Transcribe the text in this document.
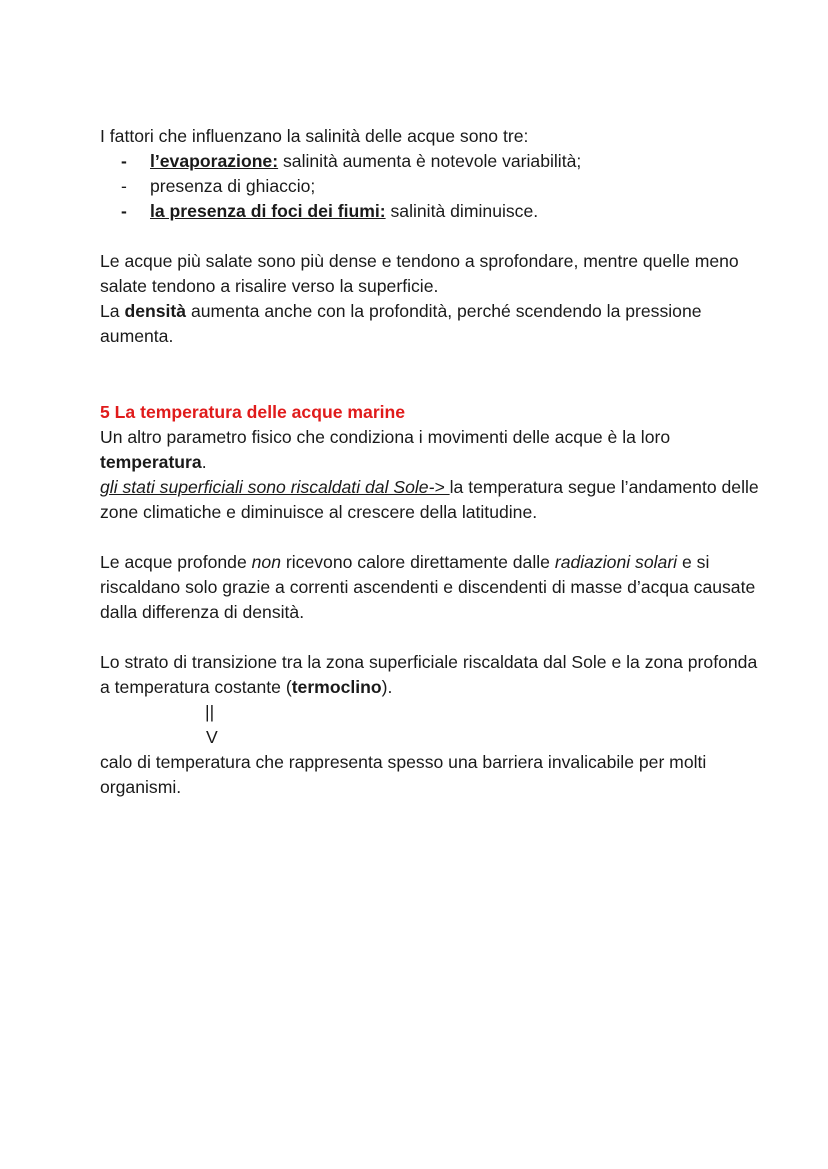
I fattori che influenzano la salinità delle acque sono tre:

- l’evaporazione: salinità aumenta è notevole variabilità;
- presenza di ghiaccio;
- la presenza di foci dei fiumi: salinità diminuisce.

Le acque più salate sono più dense e tendono a sprofondare, mentre quelle meno salate tendono a risalire verso la superficie.

La densità aumenta anche con la profondità, perché scendendo la pressione aumenta.

5 La temperatura delle acque marine

Un altro parametro fisico che condiziona i movimenti delle acque è la loro temperatura.

gli stati superficiali sono riscaldati dal Sole-> la temperatura segue l’andamento delle zone climatiche e diminuisce al crescere della latitudine.

Le acque profonde non ricevono calore direttamente dalle radiazioni solari e si riscaldano solo grazie a correnti ascendenti e discendenti di masse d’acqua causate dalla differenza di densità.

Lo strato di transizione tra la zona superficiale riscaldata dal Sole e la zona profonda a temperatura costante (termoclino).

||
V

calo di temperatura che rappresenta spesso una barriera invalicabile per molti organismi.
